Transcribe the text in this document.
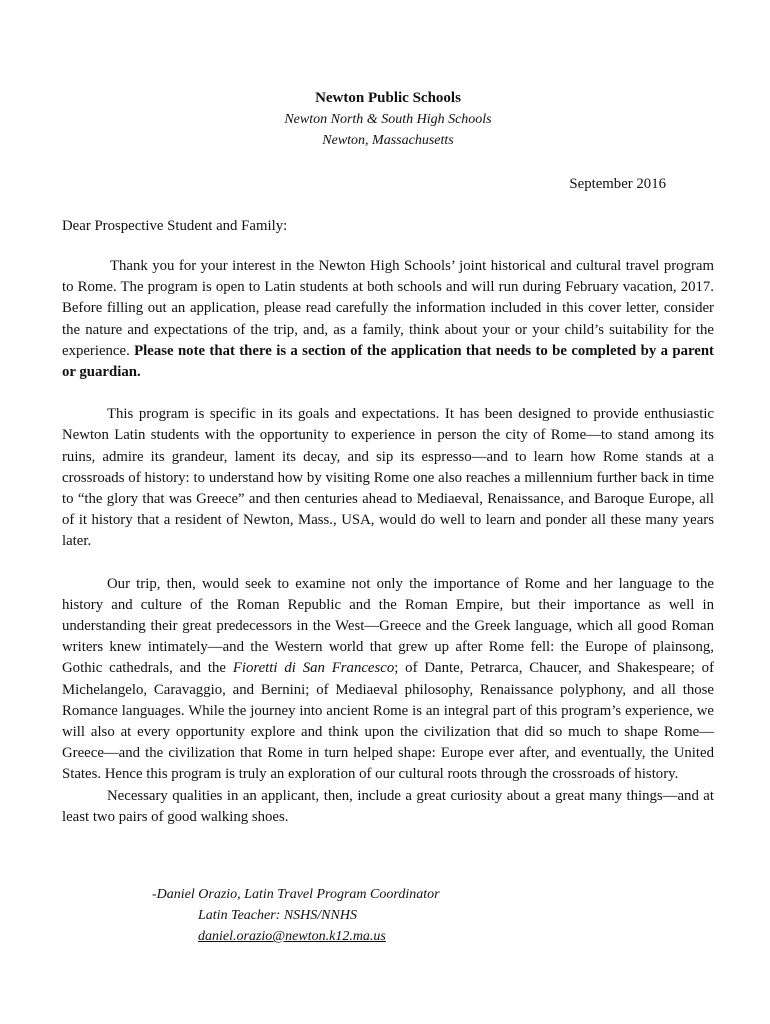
Newton Public Schools
Newton North & South High Schools
Newton, Massachusetts
September 2016
Dear Prospective Student and Family:

Thank you for your interest in the Newton High Schools’ joint historical and cultural travel program to Rome. The program is open to Latin students at both schools and will run during February vacation, 2017. Before filling out an application, please read carefully the information included in this cover letter, consider the nature and expectations of the trip, and, as a family, think about your or your child’s suitability for the experience. Please note that there is a section of the application that needs to be completed by a parent or guardian.

This program is specific in its goals and expectations. It has been designed to provide enthusiastic Newton Latin students with the opportunity to experience in person the city of Rome—to stand among its ruins, admire its grandeur, lament its decay, and sip its espresso—and to learn how Rome stands at a crossroads of history: to understand how by visiting Rome one also reaches a millennium further back in time to “the glory that was Greece” and then centuries ahead to Mediaeval, Renaissance, and Baroque Europe, all of it history that a resident of Newton, Mass., USA, would do well to learn and ponder all these many years later.

Our trip, then, would seek to examine not only the importance of Rome and her language to the history and culture of the Roman Republic and the Roman Empire, but their importance as well in understanding their great predecessors in the West—Greece and the Greek language, which all good Roman writers knew intimately—and the Western world that grew up after Rome fell: the Europe of plainsong, Gothic cathedrals, and the Fioretti di San Francesco; of Dante, Petrarca, Chaucer, and Shakespeare; of Michelangelo, Caravaggio, and Bernini; of Mediaeval philosophy, Renaissance polyphony, and all those Romance languages. While the journey into ancient Rome is an integral part of this program’s experience, we will also at every opportunity explore and think upon the civilization that did so much to shape Rome—Greece—and the civilization that Rome in turn helped shape: Europe ever after, and eventually, the United States. Hence this program is truly an exploration of our cultural roots through the crossroads of history.

Necessary qualities in an applicant, then, include a great curiosity about a great many things—and at least two pairs of good walking shoes.

-Daniel Orazio, Latin Travel Program Coordinator
Latin Teacher: NSHS/NNHS
daniel.orazio@newton.k12.ma.us
